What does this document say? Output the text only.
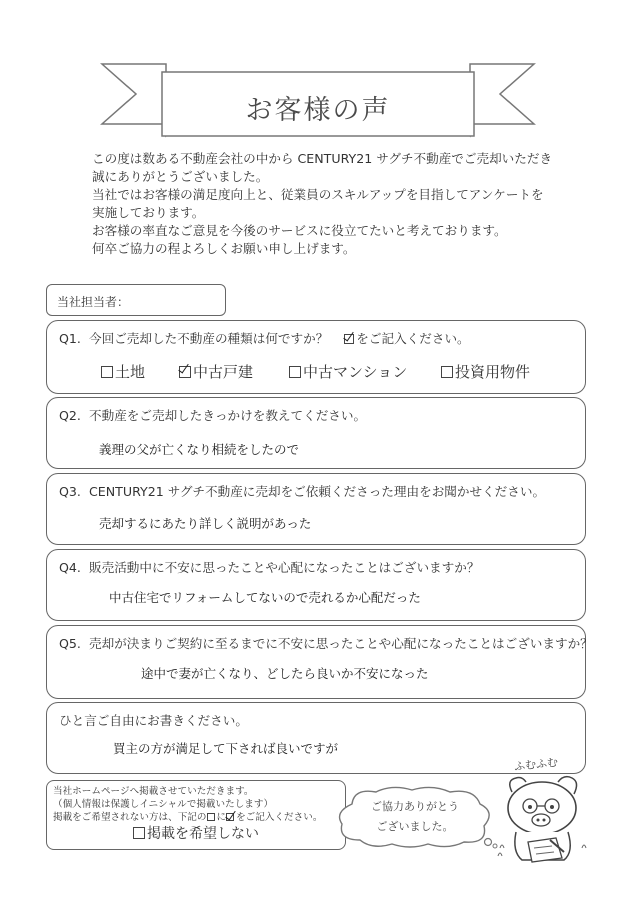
お客様の声

この度は数ある不動産会社の中から CENTURY21 サグチ不動産でご売却いただき

誠にありがとうございました。

当社ではお客様の満足度向上と、従業員のスキルアップを目指してアンケートを

実施しております。

お客様の率直なご意見を今後のサービスに役立てたいと考えております。

何卒ご協力の程よろしくお願い申し上げます。

当社担当者：
Q1. 今回ご売却した不動産の種類は何ですか？ をご記入ください。
土地	中古戸建	中古マンション	投資用物件
Q2. 不動産をご売却したきっかけを教えてください。
義理の父が亡くなり相続をしたので
Q3. CENTURY21 サグチ不動産に売却をご依頼くださった理由をお聞かせください。
売却するにあたり詳しく説明があった
Q4. 販売活動中に不安に思ったことや心配になったことはございますか？
中古住宅でリフォームしてないので売れるか心配だった
Q5. 売却が決まりご契約に至るまでに不安に思ったことや心配になったことはございますか？
途中で妻が亡くなり、どしたら良いか不安になった
ひと言ご自由にお書きください。
買主の方が満足して下されば良いですが

当社ホームページへ掲載させていただきます。

（個人情報は保護しイニシャルで掲載いたします）

掲載をご希望されない方は、下記の に をご記入ください。

掲載を希望しない

ご協力ありがとう
ございました。
ふむふむ
